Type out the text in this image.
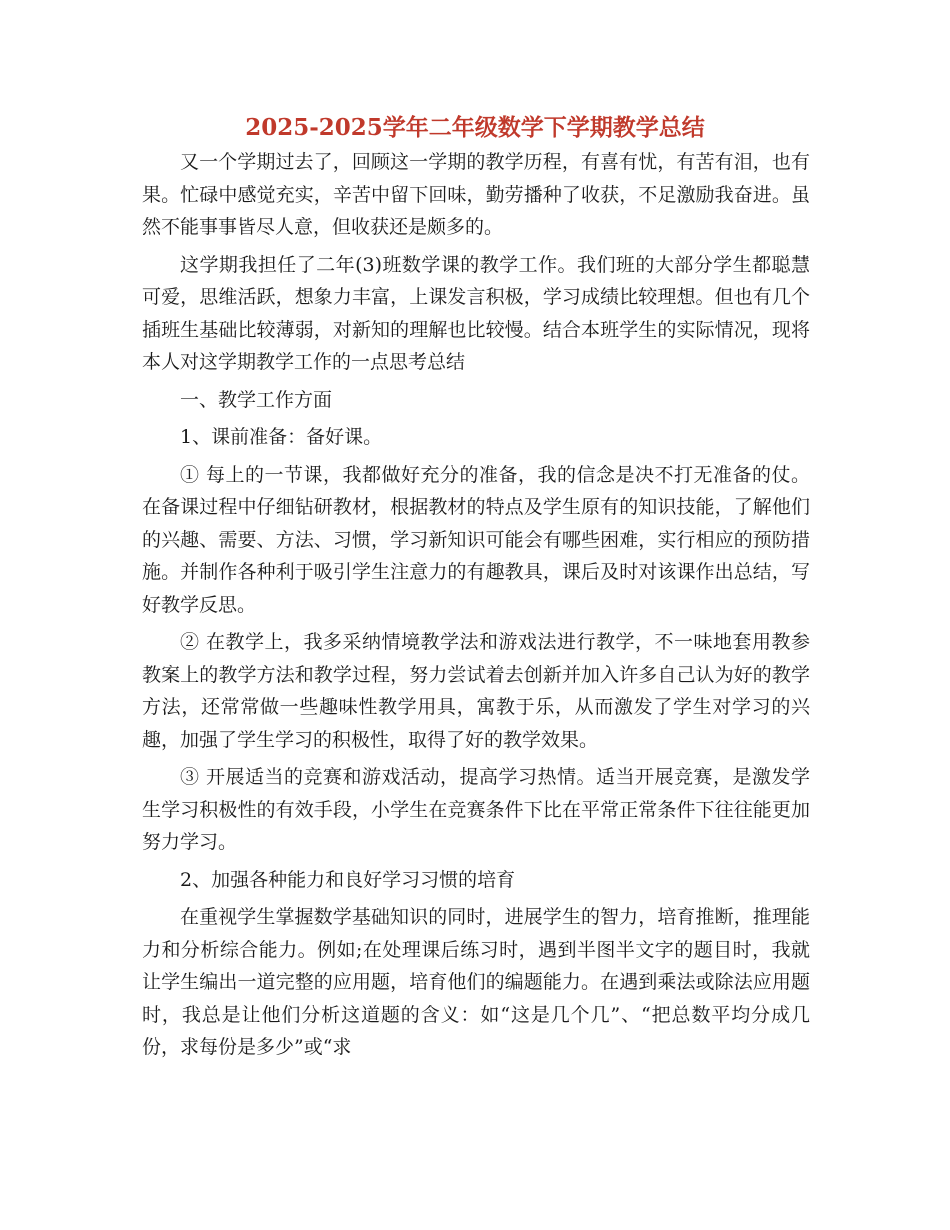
2025-2025学年二年级数学下学期教学总结

又一个学期过去了，回顾这一学期的教学历程，有喜有忧，有苦有泪，也有果。忙碌中感觉充实，辛苦中留下回味，勤劳播种了收获，不足激励我奋进。虽然不能事事皆尽人意，但收获还是颇多的。

这学期我担任了二年(3)班数学课的教学工作。我们班的大部分学生都聪慧可爱，思维活跃，想象力丰富，上课发言积极，学习成绩比较理想。但也有几个插班生基础比较薄弱，对新知的理解也比较慢。结合本班学生的实际情况，现将本人对这学期教学工作的一点思考总结

一、教学工作方面

1、课前准备：备好课。

① 每上的一节课，我都做好充分的准备，我的信念是决不打无准备的仗。在备课过程中仔细钻研教材，根据教材的特点及学生原有的知识技能，了解他们的兴趣、需要、方法、习惯，学习新知识可能会有哪些困难，实行相应的预防措施。并制作各种利于吸引学生注意力的有趣教具，课后及时对该课作出总结，写好教学反思。

② 在教学上，我多采纳情境教学法和游戏法进行教学，不一味地套用教参教案上的教学方法和教学过程，努力尝试着去创新并加入许多自己认为好的教学方法，还常常做一些趣味性教学用具，寓教于乐，从而激发了学生对学习的兴趣，加强了学生学习的积极性，取得了好的教学效果。

③ 开展适当的竞赛和游戏活动，提高学习热情。适当开展竞赛，是激发学生学习积极性的有效手段，小学生在竞赛条件下比在平常正常条件下往往能更加努力学习。

2、加强各种能力和良好学习习惯的培育

在重视学生掌握数学基础知识的同时，进展学生的智力，培育推断，推理能力和分析综合能力。例如;在处理课后练习时，遇到半图半文字的题目时，我就让学生编出一道完整的应用题，培育他们的编题能力。在遇到乘法或除法应用题时，我总是让他们分析这道题的含义：如“这是几个几”、“把总数平均分成几份，求每份是多少”或“求
